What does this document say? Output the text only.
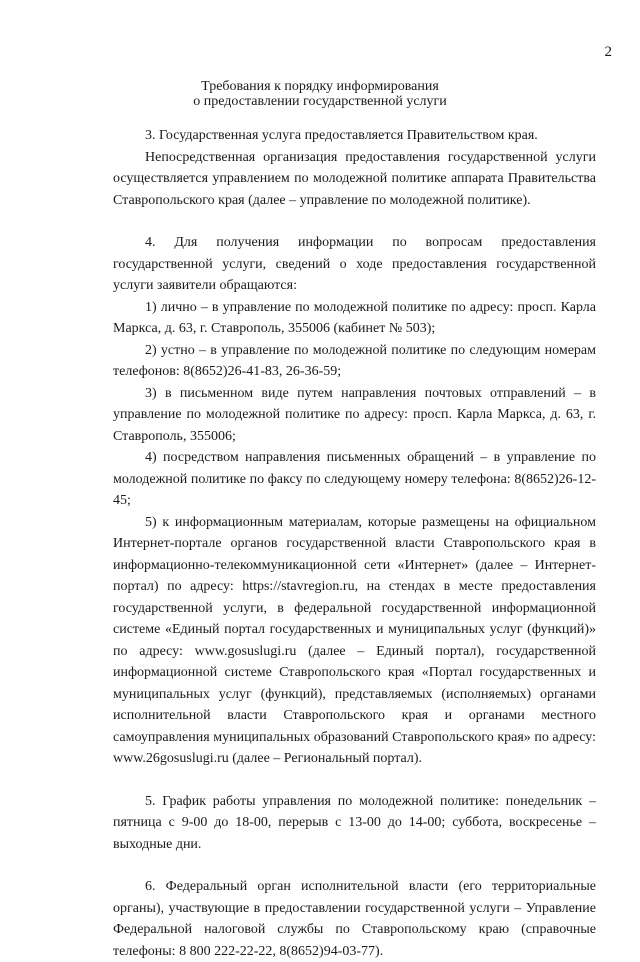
2
Требования к порядку информирования
о предоставлении государственной услуги

3. Государственная услуга предоставляется Правительством края.

Непосредственная организация предоставления государственной услуги осуществляется управлением по молодежной политике аппарата Правительства Ставропольского края (далее – управление по молодежной политике).

4. Для получения информации по вопросам предоставления государственной услуги, сведений о ходе предоставления государственной услуги заявители обращаются:

1) лично – в управление по молодежной политике по адресу: просп. Карла Маркса, д. 63, г. Ставрополь, 355006 (кабинет № 503);

2) устно – в управление по молодежной политике по следующим номерам телефонов: 8(8652)26-41-83, 26-36-59;

3) в письменном виде путем направления почтовых отправлений – в управление по молодежной политике по адресу: просп. Карла Маркса, д. 63, г. Ставрополь, 355006;

4) посредством направления письменных обращений – в управление по молодежной политике по факсу по следующему номеру телефона: 8(8652)26-12-45;

5) к информационным материалам, которые размещены на официальном Интернет-портале органов государственной власти Ставропольского края в информационно-телекоммуникационной сети «Интернет» (далее – Интернет-портал) по адресу: https://stavregion.ru, на стендах в месте предоставления государственной услуги, в федеральной государственной информационной системе «Единый портал государственных и муниципальных услуг (функций)» по адресу: www.gosuslugi.ru (далее – Единый портал), государственной информационной системе Ставропольского края «Портал государственных и муниципальных услуг (функций), представляемых (исполняемых) органами исполнительной власти Ставропольского края и органами местного самоуправления муниципальных образований Ставропольского края» по адресу: www.26gosuslugi.ru (далее – Региональный портал).

5. График работы управления по молодежной политике: понедельник – пятница с 9-00 до 18-00, перерыв с 13-00 до 14-00; суббота, воскресенье – выходные дни.

6. Федеральный орган исполнительной власти (его территориальные органы), участвующие в предоставлении государственной услуги – Управление Федеральной налоговой службы по Ставропольскому краю (справочные телефоны: 8 800 222-22-22, 8(8652)94-03-77).
